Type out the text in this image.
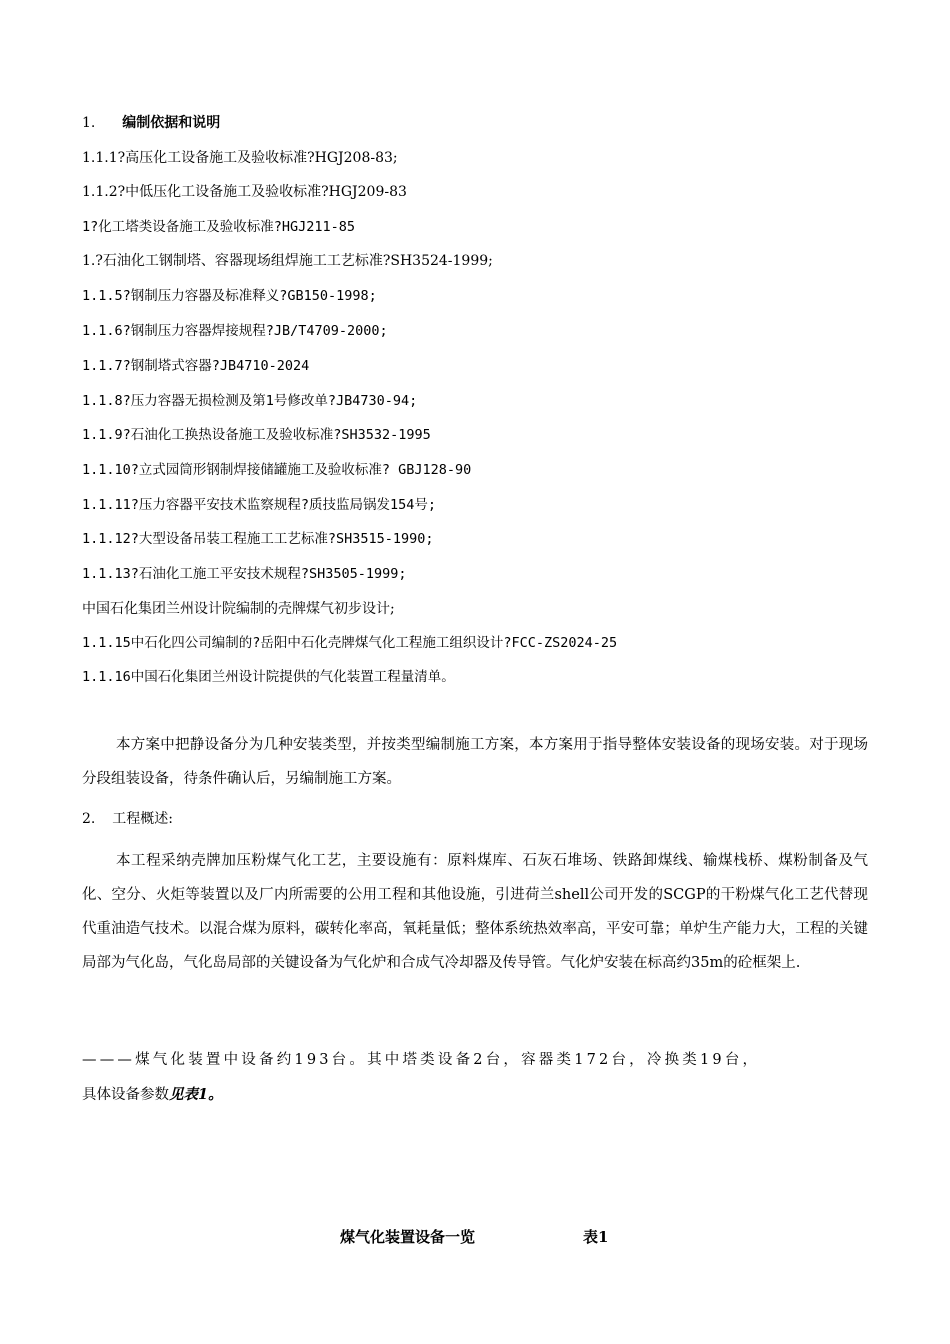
1. 编制依据和说明
1.1.1?高压化工设备施工及验收标准?HGJ208-83;
1.1.2?中低压化工设备施工及验收标准?HGJ209-83
1?化工塔类设备施工及验收标准?HGJ211-85
1.?石油化工钢制塔、容器现场组焊施工工艺标准?SH3524-1999;
1.1.5?钢制压力容器及标准释义?GB150-1998;
1.1.6?钢制压力容器焊接规程?JB/T4709-2000;
1.1.7?钢制塔式容器?JB4710-2024
1.1.8?压力容器无损检测及第1号修改单?JB4730-94;
1.1.9?石油化工换热设备施工及验收标准?SH3532-1995
1.1.10?立式园筒形钢制焊接储罐施工及验收标准? GBJ128-90
1.1.11?压力容器平安技术监察规程?质技监局锅发154号;
1.1.12?大型设备吊装工程施工工艺标准?SH3515-1990;
1.1.13?石油化工施工平安技术规程?SH3505-1999;
中国石化集团兰州设计院编制的壳牌煤气初步设计;
1.1.15中石化四公司编制的?岳阳中石化壳牌煤气化工程施工组织设计?FCC-ZS2024-25
1.1.16中国石化集团兰州设计院提供的气化装置工程量清单。
本方案中把静设备分为几种安装类型，并按类型编制施工方案，本方案用于指导整体安装设备的现场安装。对于现场分段组装设备，待条件确认后，另编制施工方案。
2. 工程概述:
本工程采纳壳牌加压粉煤气化工艺，主要设施有：原料煤库、石灰石堆场、铁路卸煤线、输煤栈桥、煤粉制备及气化、空分、火炬等装置以及厂内所需要的公用工程和其他设施，引进荷兰shell公司开发的SCGP的干粉煤气化工艺代替现代重油造气技术。以混合煤为原料，碳转化率高，氧耗量低；整体系统热效率高，平安可靠；单炉生产能力大，工程的关键局部为气化岛，气化岛局部的关键设备为气化炉和合成气冷却器及传导管。气化炉安装在标高约35m的砼框架上.
———煤气化装置中设备约193台。其中塔类设备2台，容器类172台，冷换类19台，
具体设备参数见表1。
煤气化装置设备一览	表1
